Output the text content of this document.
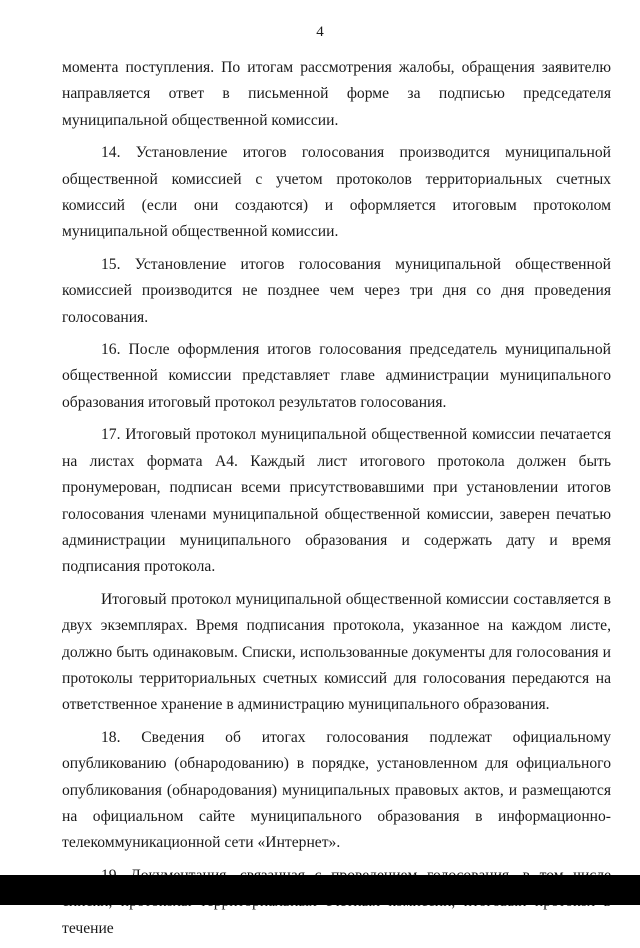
4

момента поступления. По итогам рассмотрения жалобы, обращения заявителю направляется ответ в письменной форме за подписью председателя муниципальной общественной комиссии.

14. Установление итогов голосования производится муниципальной общественной комиссией с учетом протоколов территориальных счетных комиссий (если они создаются) и оформляется итоговым протоколом муниципальной общественной комиссии.

15. Установление итогов голосования муниципальной общественной комиссией производится не позднее чем через три дня со дня проведения голосования.

16. После оформления итогов голосования председатель муниципальной общественной комиссии представляет главе администрации муниципального образования итоговый протокол результатов голосования.

17. Итоговый протокол муниципальной общественной комиссии печатается на листах формата А4. Каждый лист итогового протокола должен быть пронумерован, подписан всеми присутствовавшими при установлении итогов голосования членами муниципальной общественной комиссии, заверен печатью администрации муниципального образования и содержать дату и время подписания протокола.

Итоговый протокол муниципальной общественной комиссии составляется в двух экземплярах. Время подписания протокола, указанное на каждом листе, должно быть одинаковым. Списки, использованные документы для голосования и протоколы территориальных счетных комиссий для голосования передаются на ответственное хранение в администрацию муниципального образования.

18. Сведения об итогах голосования подлежат официальному опубликованию (обнародованию) в порядке, установленном для официального опубликования (обнародования) муниципальных правовых актов, и размещаются на официальном сайте муниципального образования в информационно-телекоммуникационной сети «Интернет».

течение
